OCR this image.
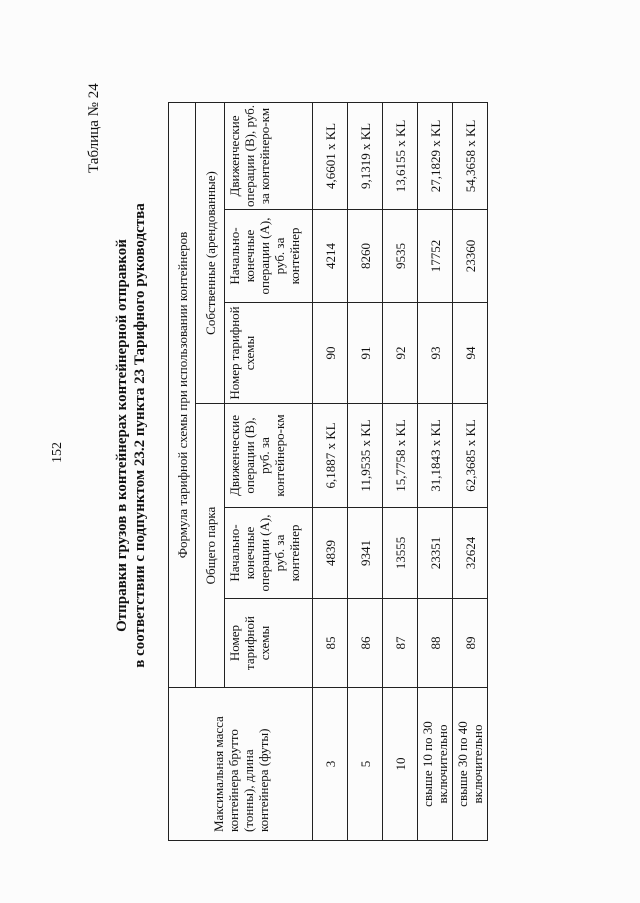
152
Таблица № 24
Отправки грузов в контейнерах контейнерной отправкой в соответствии с подпунктом 23.2 пункта 23 Тарифного руководства
Максимальная масса контейнера брутто (тонны), длина контейнера (футы)	Формула тарифной схемы при использовании контейнеров					
	Общего парка			Собственные (арендованные)		
	Номер тарифной схемы	Начально-конечные операции (А), руб. за контейнер	Движенческие операции (В), руб. за контейнеро-км	Номер тарифной схемы	Начально-конечные операции (А), руб. за контейнер	Движенческие операции (В), руб. за контейнеро-км
3	85	4839	6,1887 x KL	90	4214	4,6601 x KL
5	86	9341	11,9535 x KL	91	8260	9,1319 x KL
10	87	13555	15,7758 x KL	92	9535	13,6155 x KL
свыше 10 по 30 включительно	88	23351	31,1843 x KL	93	17752	27,1829 x KL
свыше 30 по 40 включительно	89	32624	62,3685 x KL	94	23360	54,3658 x KL
